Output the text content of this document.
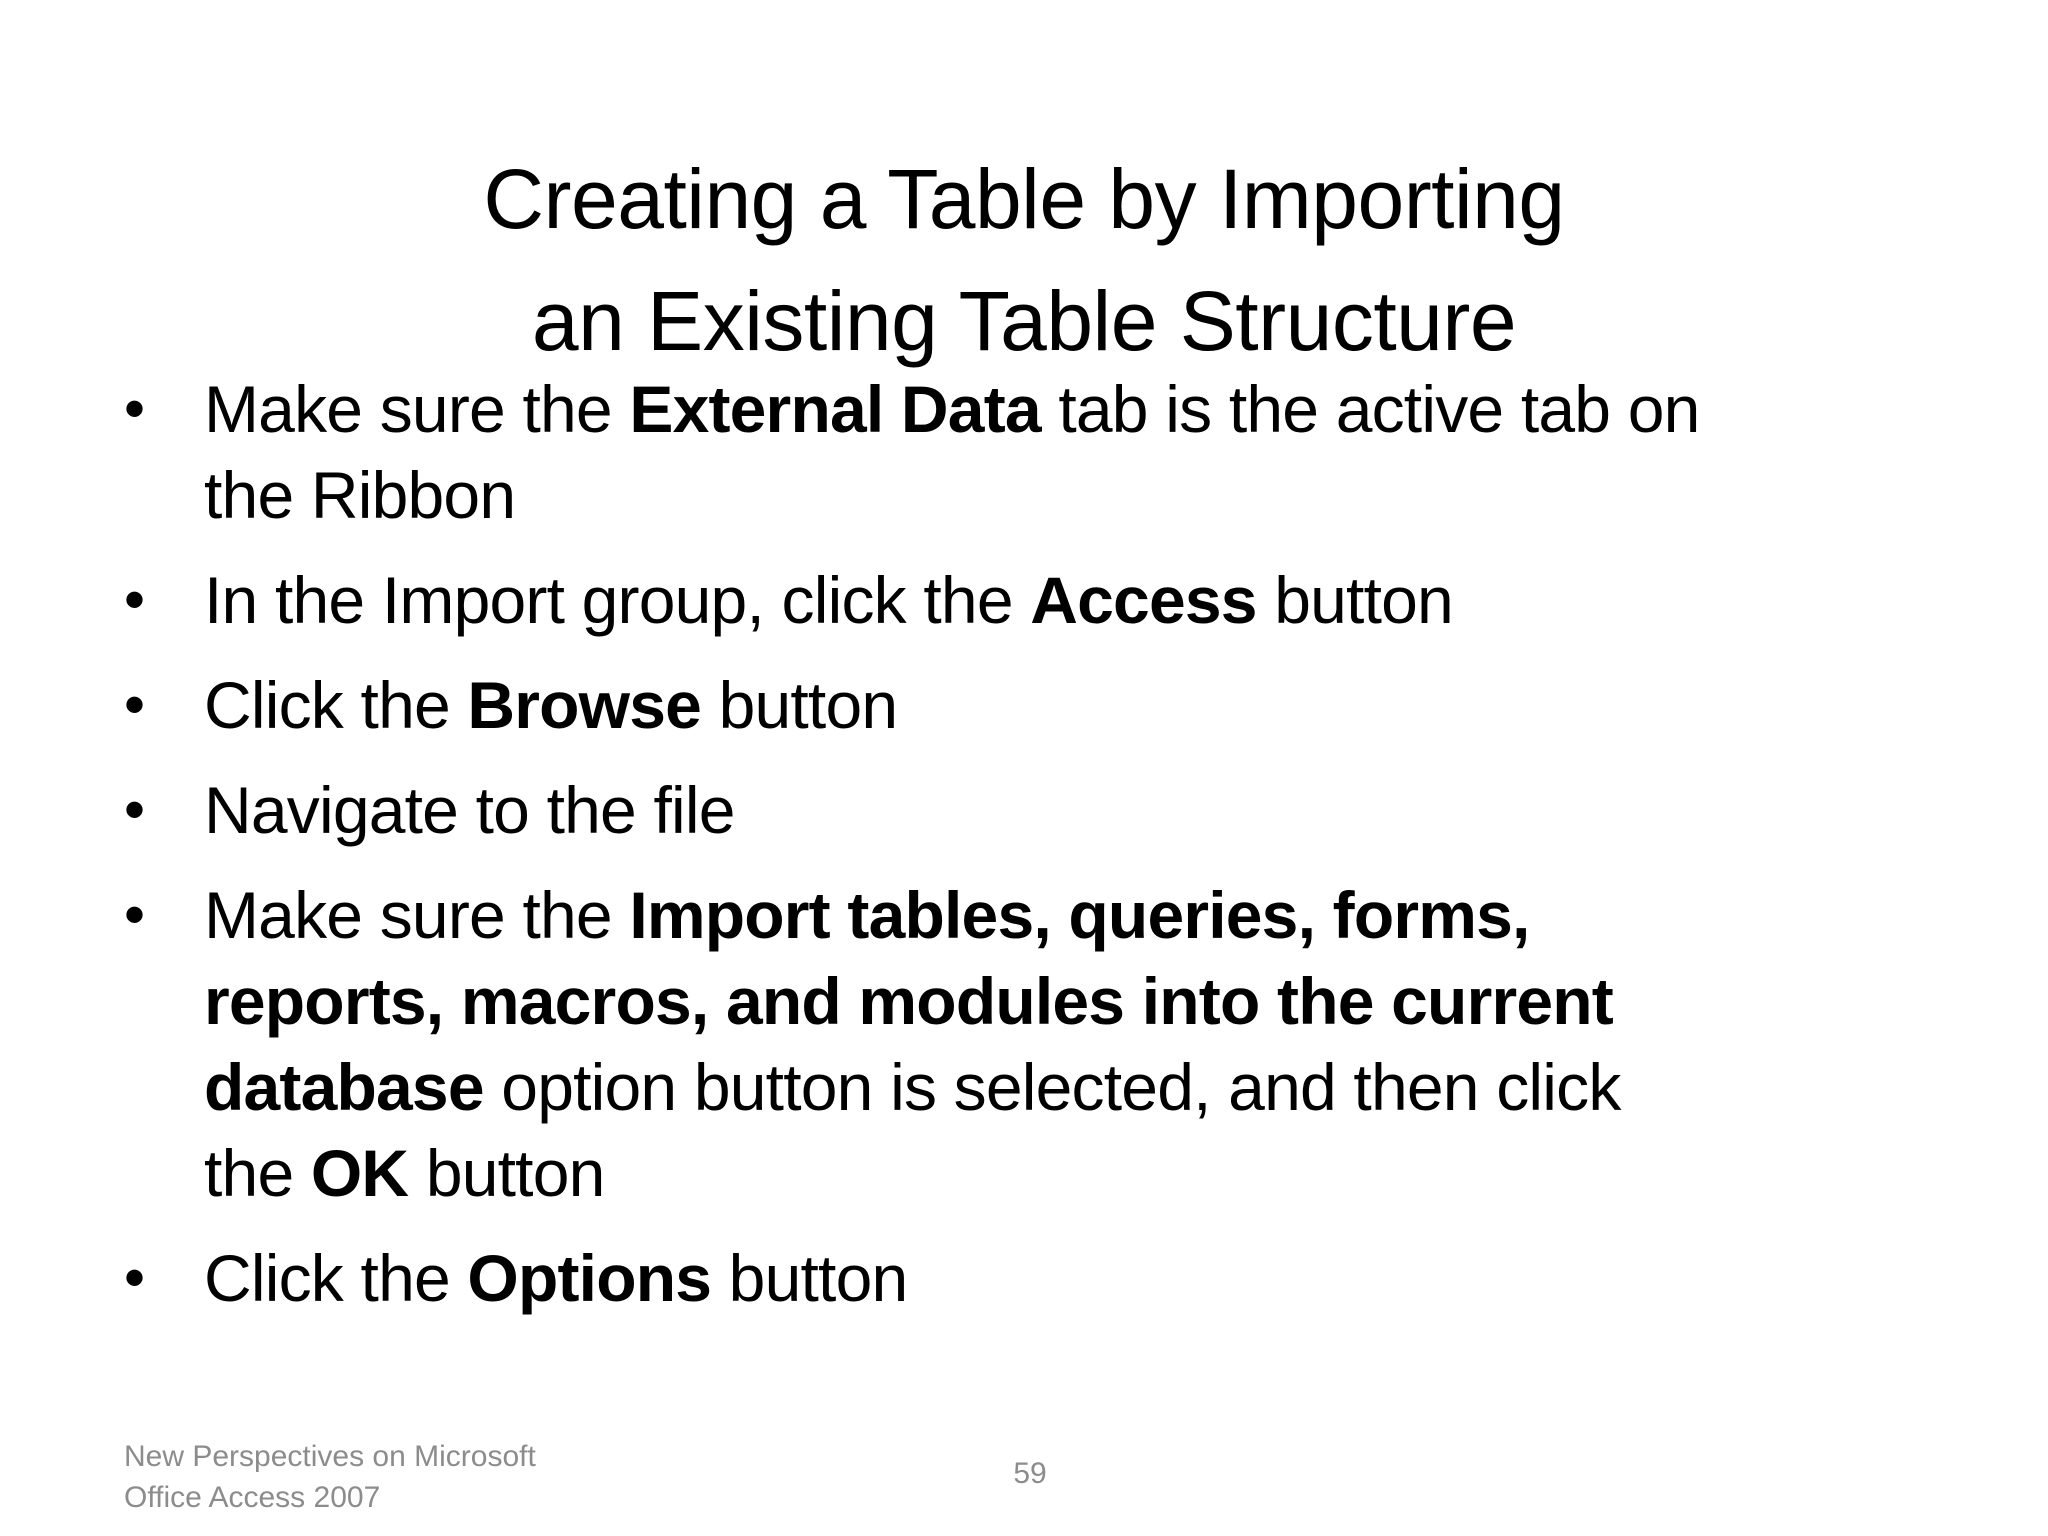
Creating a Table by Importing
an Existing Table Structure
• Make sure the External Data tab is the active tab on
the Ribbon
• In the Import group, click the Access button
• Click the Browse button
• Navigate to the file
• Make sure the Import tables, queries, forms,
reports, macros, and modules into the current
database option button is selected, and then click
the OK button
• Click the Options button
New Perspectives on Microsoft
Office Access 2007
59
